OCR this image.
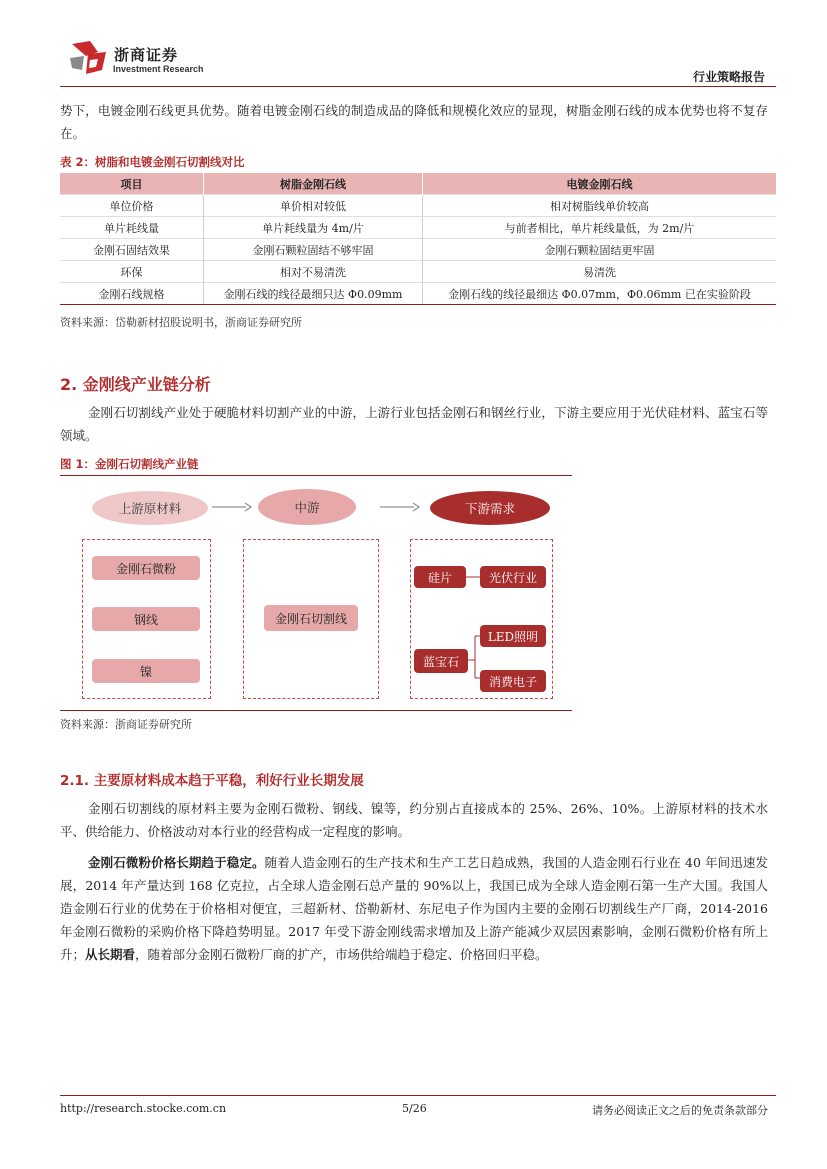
浙商证券
Investment Research
行业策略报告
势下，电镀金刚石线更具优势。随着电镀金刚石线的制造成品的降低和规模化效应的显现，树脂金刚石线的成本优势也将不复存在。
表 2：树脂和电镀金刚石切割线对比
项目	树脂金刚石线	电镀金刚石线
单位价格	单价相对较低	相对树脂线单价较高
单片耗线量	单片耗线量为 4m/片	与前者相比，单片耗线量低，为 2m/片
金刚石固结效果	金刚石颗粒固结不够牢固	金刚石颗粒固结更牢固
环保	相对不易清洗	易清洗
金刚石线规格	金刚石线的线径最细只达 Φ0.09mm	金刚石线的线径最细达 Φ0.07mm，Φ0.06mm 已在实验阶段
资料来源：岱勒新材招股说明书，浙商证券研究所
2. 金刚线产业链分析
金刚石切割线产业处于硬脆材料切割产业的中游，上游行业包括金刚石和钢丝行业，下游主要应用于光伏硅材料、蓝宝石等领域。
图 1：金刚石切割线产业链
上游原材料	中游	下游需求
金刚石微粉
钢线
镍
金刚石切割线
硅片
蓝宝石
光伏行业
LED照明
消费电子
资料来源：浙商证券研究所
2.1. 主要原材料成本趋于平稳，利好行业长期发展
金刚石切割线的原材料主要为金刚石微粉、钢线、镍等，约分别占直接成本的 25%、26%、10%。上游原材料的技术水平、供给能力、价格波动对本行业的经营构成一定程度的影响。
金刚石微粉价格长期趋于稳定。随着人造金刚石的生产技术和生产工艺日趋成熟，我国的人造金刚石行业在 40 年间迅速发展，2014 年产量达到 168 亿克拉，占全球人造金刚石总产量的 90%以上，我国已成为全球人造金刚石第一生产大国。我国人造金刚石行业的优势在于价格相对便宜，三超新材、岱勒新材、东尼电子作为国内主要的金刚石切割线生产厂商，2014-2016 年金刚石微粉的采购价格下降趋势明显。2017 年受下游金刚线需求增加及上游产能减少双层因素影响，金刚石微粉价格有所上升；从长期看，随着部分金刚石微粉厂商的扩产，市场供给端趋于稳定、价格回归平稳。
http://research.stocke.com.cn	5/26	请务必阅读正文之后的免责条款部分
